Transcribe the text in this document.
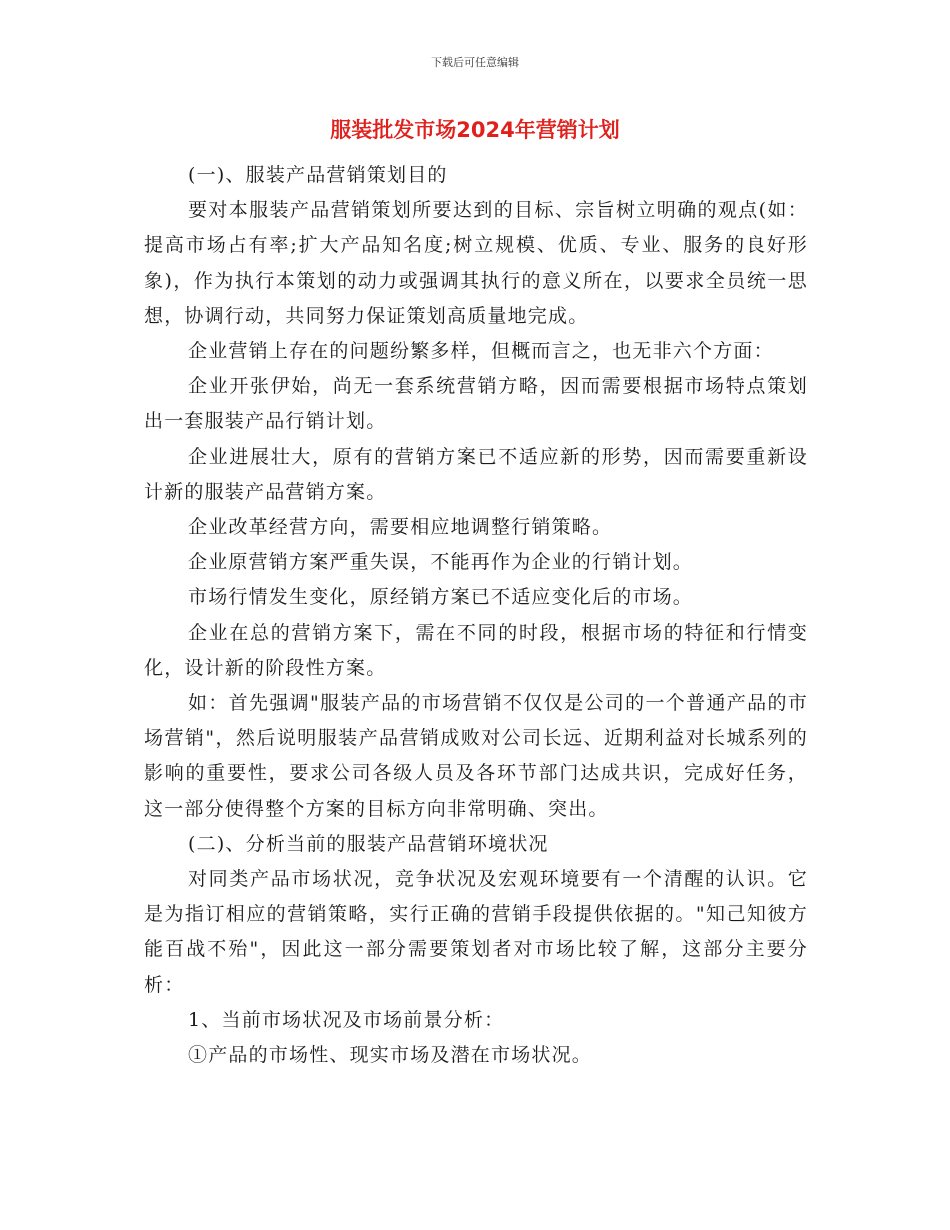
下载后可任意编辑
服装批发市场2024年营销计划

(一)、服装产品营销策划目的

要对本服装产品营销策划所要达到的目标、宗旨树立明确的观点(如：提高市场占有率;扩大产品知名度;树立规模、优质、专业、服务的良好形象)，作为执行本策划的动力或强调其执行的意义所在，以要求全员统一思想，协调行动，共同努力保证策划高质量地完成。

企业营销上存在的问题纷繁多样，但概而言之，也无非六个方面：

企业开张伊始，尚无一套系统营销方略，因而需要根据市场特点策划出一套服装产品行销计划。

企业进展壮大，原有的营销方案已不适应新的形势，因而需要重新设计新的服装产品营销方案。

企业改革经营方向，需要相应地调整行销策略。

企业原营销方案严重失误，不能再作为企业的行销计划。

市场行情发生变化，原经销方案已不适应变化后的市场。

企业在总的营销方案下，需在不同的时段，根据市场的特征和行情变化，设计新的阶段性方案。

如：首先强调"服装产品的市场营销不仅仅是公司的一个普通产品的市场营销"，然后说明服装产品营销成败对公司长远、近期利益对长城系列的影响的重要性，要求公司各级人员及各环节部门达成共识，完成好任务，这一部分使得整个方案的目标方向非常明确、突出。

(二)、分析当前的服装产品营销环境状况

对同类产品市场状况，竞争状况及宏观环境要有一个清醒的认识。它是为指订相应的营销策略，实行正确的营销手段提供依据的。"知己知彼方能百战不殆"，因此这一部分需要策划者对市场比较了解，这部分主要分析：

1、当前市场状况及市场前景分析：

①产品的市场性、现实市场及潜在市场状况。
